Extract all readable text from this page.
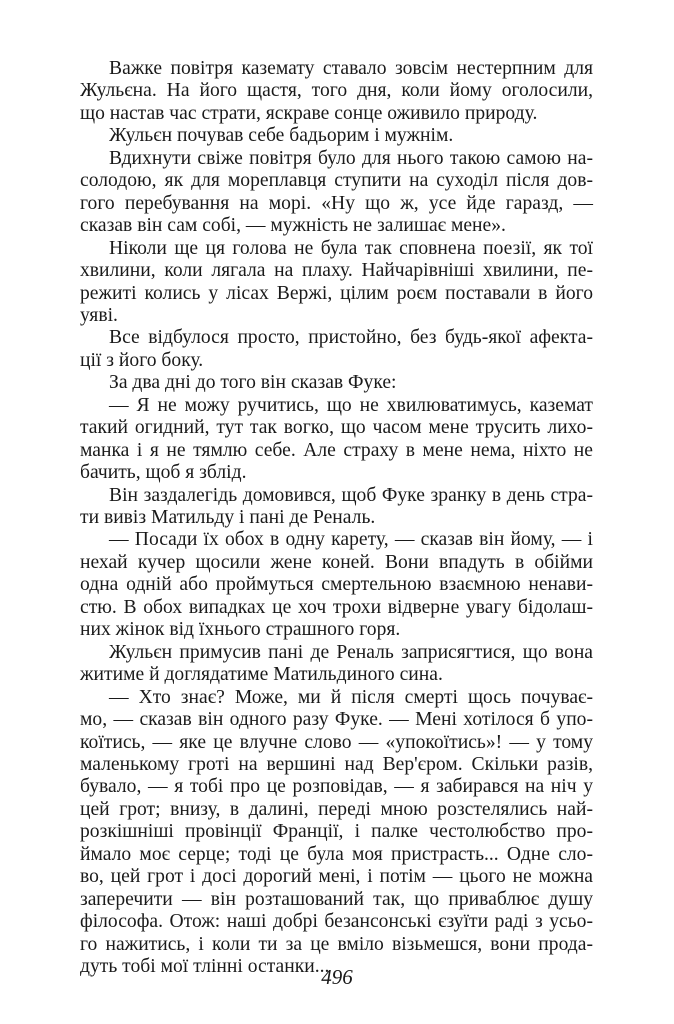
Важке повітря каземату ставало зовсім нестерпним для
Жульєна. На його щастя, того дня, коли йому оголосили,
що настав час страти, яскраве сонце оживило природу.
Жульєн почував себе бадьорим і мужнім.
Вдихнути свіже повітря було для нього такою самою на-
солодою, як для мореплавця ступити на суходіл після дов-
гого перебування на морі. «Ну що ж, усе йде гаразд, —
сказав він сам собі, — мужність не залишає мене».
Ніколи ще ця голова не була так сповнена поезії, як тої
хвилини, коли лягала на плаху. Найчарівніші хвилини, пе-
режиті колись у лісах Вержі, цілим роєм поставали в його
уяві.
Все відбулося просто, пристойно, без будь-якої афекта-
ції з його боку.
За два дні до того він сказав Фуке:
— Я не можу ручитись, що не хвилюватимусь, каземат
такий огидний, тут так вогко, що часом мене трусить лихо-
манка і я не тямлю себе. Але страху в мене нема, ніхто не
бачить, щоб я зблід.
Він заздалегідь домовився, щоб Фуке зранку в день стра-
ти вивіз Матильду і пані де Реналь.
— Посади їх обох в одну карету, — сказав він йому, — і
нехай кучер щосили жене коней. Вони впадуть в обійми
одна одній або проймуться смертельною взаємною ненави-
стю. В обох випадках це хоч трохи відверне увагу бідолаш-
них жінок від їхнього страшного горя.
Жульєн примусив пані де Реналь заприсягтися, що вона
житиме й доглядатиме Матильдиного сина.
— Хто знає? Може, ми й після смерті щось почуває-
мо, — сказав він одного разу Фуке. — Мені хотілося б упо-
коїтись, — яке це влучне слово — «упокоїтись»! — у тому
маленькому гроті на вершині над Вер'єром. Скільки разів,
бувало, — я тобі про це розповідав, — я забирався на ніч у
цей грот; внизу, в далині, переді мною розстелялись най-
розкішніші провінції Франції, і палке честолюбство про-
ймало моє серце; тоді це була моя пристрасть... Одне сло-
во, цей грот і досі дорогий мені, і потім — цього не можна
заперечити — він розташований так, що приваблює душу
філософа. Отож: наші добрі безансонські єзуїти раді з усьо-
го нажитись, і коли ти за це вміло візьмешся, вони прода-
дуть тобі мої тлінні останки...
496
